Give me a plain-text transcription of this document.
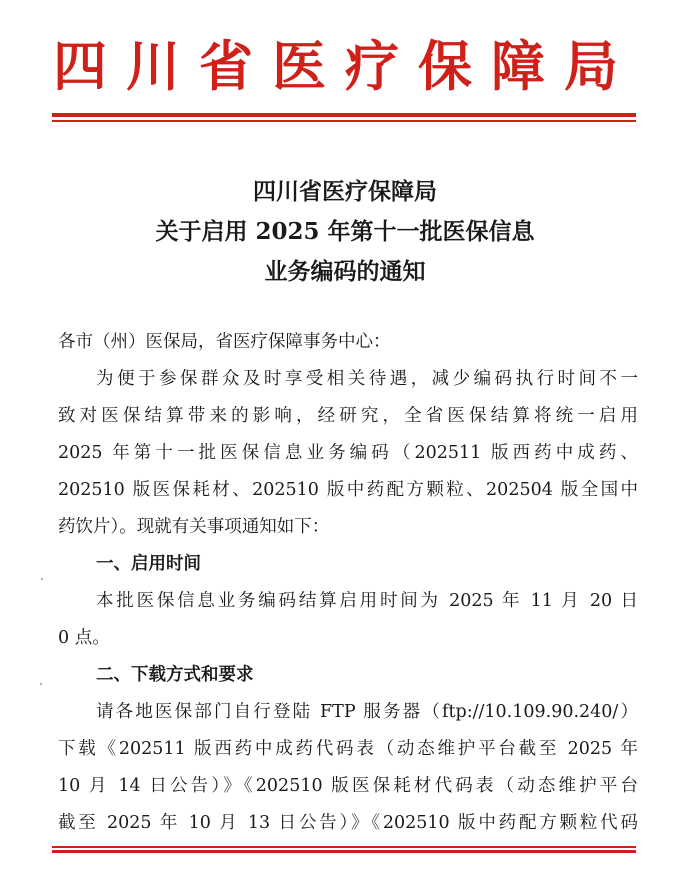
四川省医疗保障局
四川省医疗保障局
关于启用 2025 年第十一批医保信息
业务编码的通知
各市（州）医保局，省医疗保障事务中心：
为便于参保群众及时享受相关待遇，减少编码执行时间不一
致对医保结算带来的影响，经研究，全省医保结算将统一启用
2025 年第十一批医保信息业务编码（202511 版西药中成药、
202510 版医保耗材、202510 版中药配方颗粒、202504 版全国中
药饮片）。现就有关事项通知如下：
一、启用时间
本批医保信息业务编码结算启用时间为 2025 年 11 月 20 日
0 点。
二、下载方式和要求
请各地医保部门自行登陆 FTP 服务器（ftp://10.109.90.240/）
下载《202511 版西药中成药代码表（动态维护平台截至 2025 年
10 月 14 日公告）》《202510 版医保耗材代码表（动态维护平台
截至 2025 年 10 月 13 日公告）》《202510 版中药配方颗粒代码
